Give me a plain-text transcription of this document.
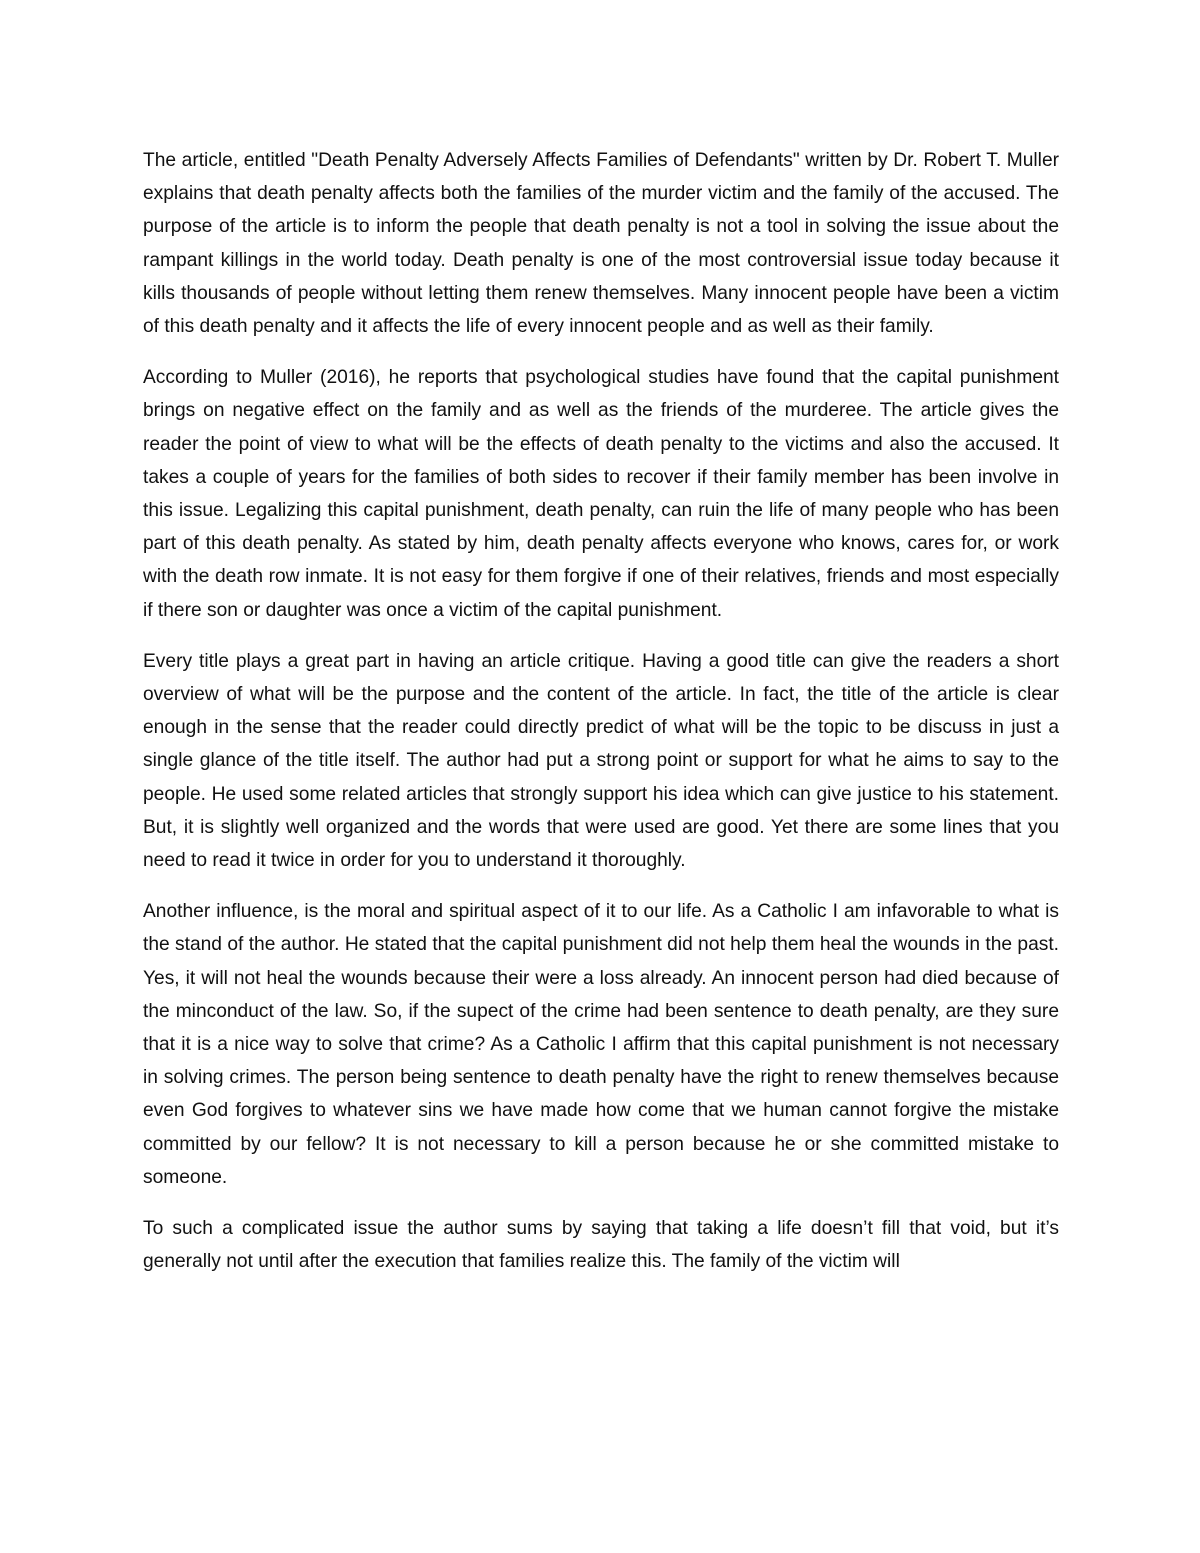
The article, entitled "Death Penalty Adversely Affects Families of Defendants" written by Dr. Robert T. Muller explains that death penalty affects both the families of the murder victim and the family of the accused. The purpose of the article is to inform the people that death penalty is not a tool in solving the issue about the rampant killings in the world today. Death penalty is one of the most controversial issue today because it kills thousands of people without letting them renew themselves. Many innocent people have been a victim of this death penalty and it affects the life of every innocent people and as well as their family.

According to Muller (2016), he reports that psychological studies have found that the capital punishment brings on negative effect on the family and as well as the friends of the murderee. The article gives the reader the point of view to what will be the effects of death penalty to the victims and also the accused. It takes a couple of years for the families of both sides to recover if their family member has been involve in this issue. Legalizing this capital punishment, death penalty, can ruin the life of many people who has been part of this death penalty. As stated by him, death penalty affects everyone who knows, cares for, or work with the death row inmate. It is not easy for them forgive if one of their relatives, friends and most especially if there son or daughter was once a victim of the capital punishment.

Every title plays a great part in having an article critique. Having a good title can give the readers a short overview of what will be the purpose and the content of the article. In fact, the title of the article is clear enough in the sense that the reader could directly predict of what will be the topic to be discuss in just a single glance of the title itself. The author had put a strong point or support for what he aims to say to the people. He used some related articles that strongly support his idea which can give justice to his statement. But, it is slightly well organized and the words that were used are good. Yet there are some lines that you need to read it twice in order for you to understand it thoroughly.

Another influence, is the moral and spiritual aspect of it to our life. As a Catholic I am infavorable to what is the stand of the author. He stated that the capital punishment did not help them heal the wounds in the past. Yes, it will not heal the wounds because their were a loss already. An innocent person had died because of the minconduct of the law. So, if the supect of the crime had been sentence to death penalty, are they sure that it is a nice way to solve that crime? As a Catholic I affirm that this capital punishment is not necessary in solving crimes. The person being sentence to death penalty have the right to renew themselves because even God forgives to whatever sins we have made how come that we human cannot forgive the mistake committed by our fellow? It is not necessary to kill a person because he or she committed mistake to someone.

To such a complicated issue the author sums by saying that taking a life doesn’t fill that void, but it’s generally not until after the execution that families realize this. The family of the victim will
